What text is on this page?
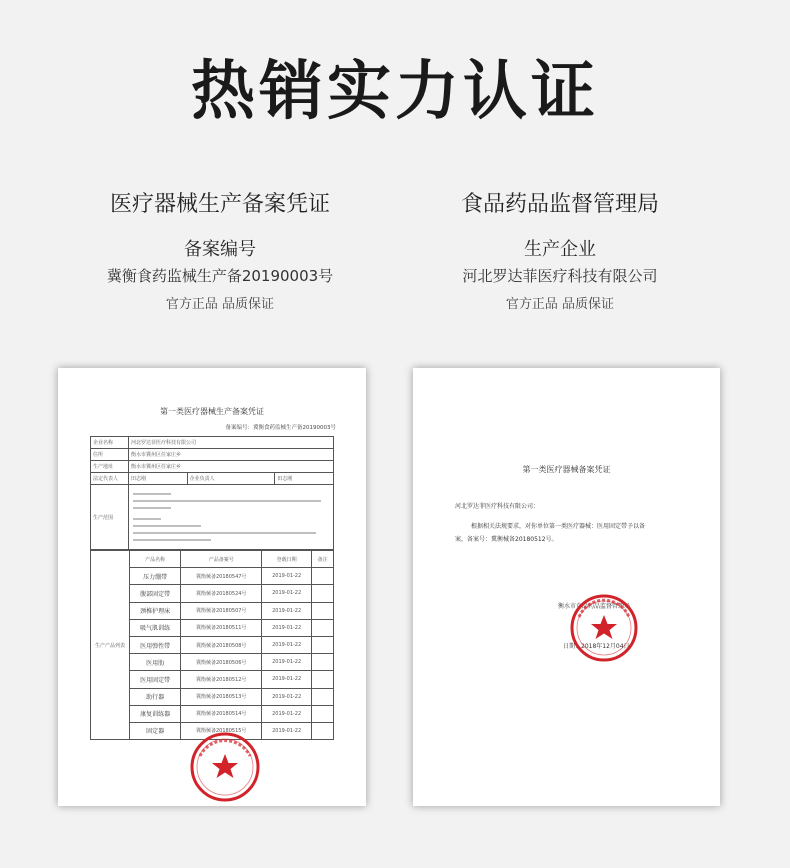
热销实力认证
医疗器械生产备案凭证
备案编号
冀衡食药监械生产备20190003号
官方正品 品质保证
食品药品监督管理局
生产企业
河北罗达菲医疗科技有限公司
官方正品 品质保证
第一类医疗器械生产备案凭证
备案编号：冀衡食药监械生产备20190003号
企业名称	河北罗达菲医疗科技有限公司		
住所	衡水市冀州区任家庄乡		
生产地址	衡水市冀州区任家庄乡		
法定代表人	田志刚	企业负责人	田志刚
生产范围	
生产产品列表	产品名称	产品备案号	登载日期	备注
	压力绷带	冀衡械备20180547号	2019-01-22	
	腹部固定带	冀衡械备20180524号	2019-01-22	
	颈椎护理床	冀衡械备20180507号	2019-01-22	
	吸气肌训练	冀衡械备20180511号	2019-01-22	
	医用弹性带	冀衡械备20180508号	2019-01-22	
	医用肋	冀衡械备20180506号	2019-01-22	
	医用固定带	冀衡械备20180512号	2019-01-22	
	助行器	冀衡械备20180513号	2019-01-22	
	康复训练器	冀衡械备20180514号	2019-01-22	
	固定器	冀衡械备20180515号	2019-01-22	
第一类医疗器械备案凭证
河北罗达菲医疗科技有限公司：
根据相关法规要求，对你单位第一类医疗器械：医用固定带予以备
案，备案号：冀衡械备20180512号。
衡水市食品药品监督管理局
日期：2018年12月04日
